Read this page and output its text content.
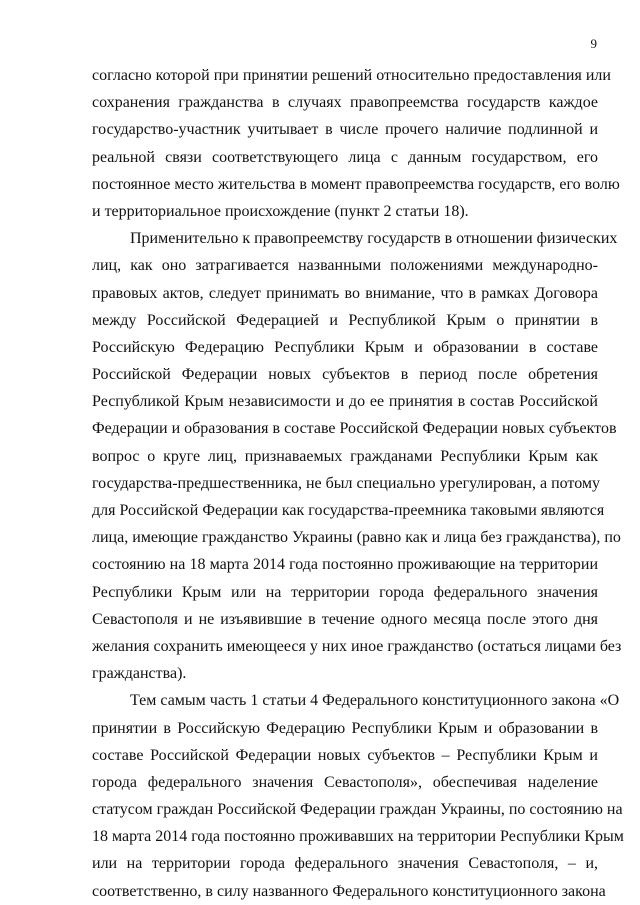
9
согласно которой при принятии решений относительно предоставления или
сохранения гражданства в случаях правопреемства государств каждое
государство-участник учитывает в числе прочего наличие подлинной и
реальной связи соответствующего лица с данным государством, его
постоянное место жительства в момент правопреемства государств, его волю
и территориальное происхождение (пункт 2 статьи 18).
Применительно к правопреемству государств в отношении физических
лиц, как оно затрагивается названными положениями международно-
правовых актов, следует принимать во внимание, что в рамках Договора
между Российской Федерацией и Республикой Крым о принятии в
Российскую Федерацию Республики Крым и образовании в составе
Российской Федерации новых субъектов в период после обретения
Республикой Крым независимости и до ее принятия в состав Российской
Федерации и образования в составе Российской Федерации новых субъектов
вопрос о круге лиц, признаваемых гражданами Республики Крым как
государства-предшественника, не был специально урегулирован, а потому
для Российской Федерации как государства-преемника таковыми являются
лица, имеющие гражданство Украины (равно как и лица без гражданства), по
состоянию на 18 марта 2014 года постоянно проживающие на территории
Республики Крым или на территории города федерального значения
Севастополя и не изъявившие в течение одного месяца после этого дня
желания сохранить имеющееся у них иное гражданство (остаться лицами без
гражданства).
Тем самым часть 1 статьи 4 Федерального конституционного закона «О
принятии в Российскую Федерацию Республики Крым и образовании в
составе Российской Федерации новых субъектов – Республики Крым и
города федерального значения Севастополя», обеспечивая наделение
статусом граждан Российской Федерации граждан Украины, по состоянию на
18 марта 2014 года постоянно проживавших на территории Республики Крым
или на территории города федерального значения Севастополя, – и,
соответственно, в силу названного Федерального конституционного закона
